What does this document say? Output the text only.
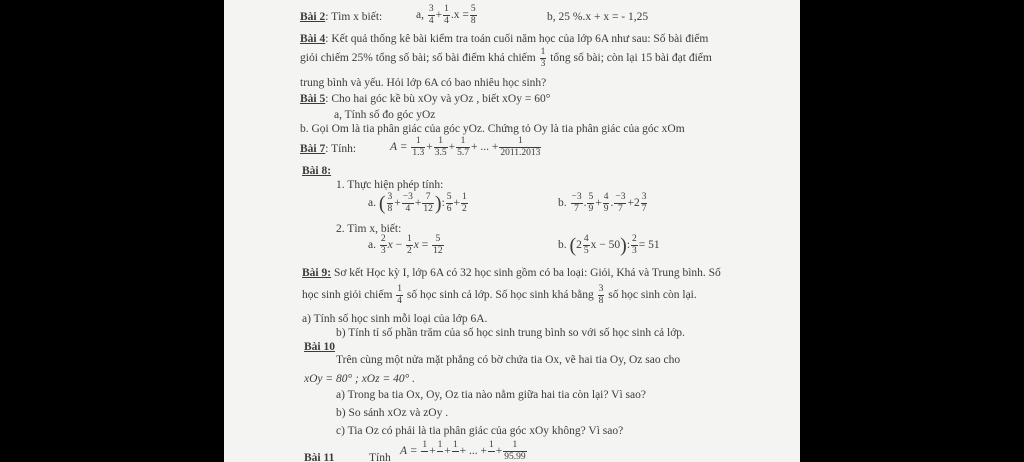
Bài 2: Tìm x biết:	a, $\frac{3}{4} + \frac{1}{4} .x = \frac{5}{8}$	b, 25 %.x + x = - 1,25
Bài 4: Kết quả thống kê bài kiểm tra toán cuối năm học của lớp 6A như sau: Số bài điểm
giỏi chiếm 25% tổng số bài; số bài điểm khá chiếm $\frac{1}{3}$ tổng số bài; còn lại 15 bài đạt điểm
trung bình và yếu. Hỏi lớp 6A có bao nhiêu học sinh?
Bài 5: Cho hai góc kề bù xOy và yOz , biết xOy = 60°
a, Tính số đo góc yOz
b. Gọi Om là tia phân giác của góc yOz. Chứng tỏ Oy là tia phân giác của góc xOm
Bài 7: Tính:	$A = \frac{1}{1.3} + \frac{1}{3.5} + \frac{1}{5.7}$ + ... + $\frac{1}{2011.2013}$
Bài 8:
1. Thực hiện phép tính:
a. ( $\frac{3}{8} + \frac{-3}{4} + \frac{7}{12}$ ): $\frac{5}{6} + \frac{1}{2}$	b. $\frac{-3}{7}$ . $\frac{5}{9} + \frac{4}{9}$ . $\frac{-3}{7} +2 \frac{3}{7}$
2. Tìm x, biết:
a. $\frac{2}{3}$ $x - \frac{1}{2}$ $x = \frac{5}{12}$	b. ($2 \frac{4}{5}$ x − 50): $\frac{2}{3} = 51$
Bài 9: Sơ kết Học kỳ I, lớp 6A có 32 học sinh gồm có ba loại: Giỏi, Khá và Trung bình. Số
học sinh giỏi chiếm $\frac{1}{4}$ số học sinh cả lớp. Số học sinh khá bằng $\frac{3}{8}$ số học sinh còn lại.
a) Tính số học sinh mỗi loại của lớp 6A.
b) Tính tỉ số phần trăm của số học sinh trung bình so với số học sinh cả lớp.
Bài 10
Trên cùng một nửa mặt phẳng có bờ chứa tia Ox, vẽ hai tia Oy, Oz sao cho
xOy = 80° ; xOz = 40° .
a) Trong ba tia Ox, Oy, Oz tia nào nằm giữa hai tia còn lại? Vì sao?
b) So sánh xOz và zOy .
c) Tia Oz có phải là tia phân giác của góc xOy không? Vì sao?
Bài 11	Tính
A =
1

+
1

+
1

+ ... +
1

+ $\frac{1}{95.99}$
